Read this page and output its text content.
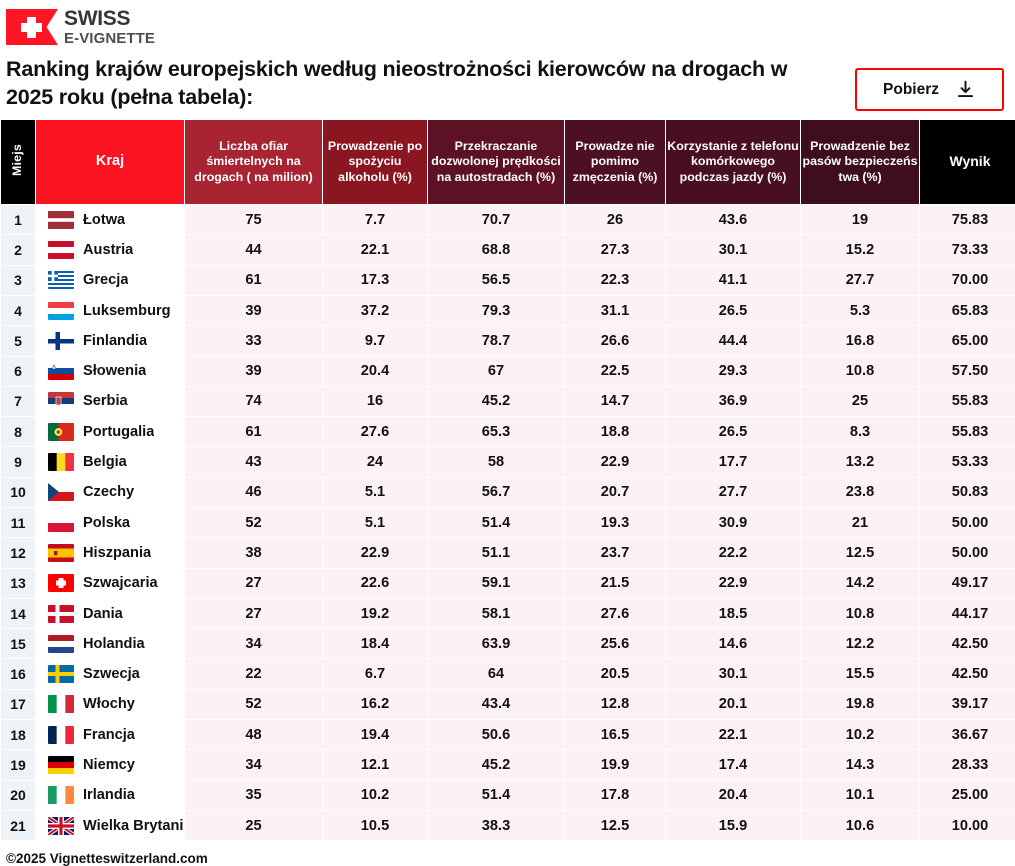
SWISS
E-VIGNETTE
Ranking krajów europejskich według nieostrożności kierowców na drogach w 2025 roku (pełna tabela):	Pobierz
Miejs	Kraj	Liczba ofiar śmiertelnych na drogach ( na milion)	Prowadzenie po spożyciu alkoholu (%)	Przekraczanie dozwolonej prędkości na autostradach (%)	Prowadze nie pomimo zmęczenia (%)	Korzystanie z telefonu komórkowego podczas jazdy (%)	Prowadzenie bez pasów bezpieczeńs twa (%)	Wynik
1	Łotwa	75	7.7	70.7	26	43.6	19	75.83
2	Austria	44	22.1	68.8	27.3	30.1	15.2	73.33
3	Grecja	61	17.3	56.5	22.3	41.1	27.7	70.00
4	Luksemburg	39	37.2	79.3	31.1	26.5	5.3	65.83
5	Finlandia	33	9.7	78.7	26.6	44.4	16.8	65.00
6	Słowenia	39	20.4	67	22.5	29.3	10.8	57.50
7	Serbia	74	16	45.2	14.7	36.9	25	55.83
8	Portugalia	61	27.6	65.3	18.8	26.5	8.3	55.83
9	Belgia	43	24	58	22.9	17.7	13.2	53.33
10	Czechy	46	5.1	56.7	20.7	27.7	23.8	50.83
11	Polska	52	5.1	51.4	19.3	30.9	21	50.00
12	Hiszpania	38	22.9	51.1	23.7	22.2	12.5	50.00
13	Szwajcaria	27	22.6	59.1	21.5	22.9	14.2	49.17
14	Dania	27	19.2	58.1	27.6	18.5	10.8	44.17
15	Holandia	34	18.4	63.9	25.6	14.6	12.2	42.50
16	Szwecja	22	6.7	64	20.5	30.1	15.5	42.50
17	Włochy	52	16.2	43.4	12.8	20.1	19.8	39.17
18	Francja	48	19.4	50.6	16.5	22.1	10.2	36.67
19	Niemcy	34	12.1	45.2	19.9	17.4	14.3	28.33
20	Irlandia	35	10.2	51.4	17.8	20.4	10.1	25.00
21	Wielka Brytani	25	10.5	38.3	12.5	15.9	10.6	10.00
©2025 Vignetteswitzerland.com
